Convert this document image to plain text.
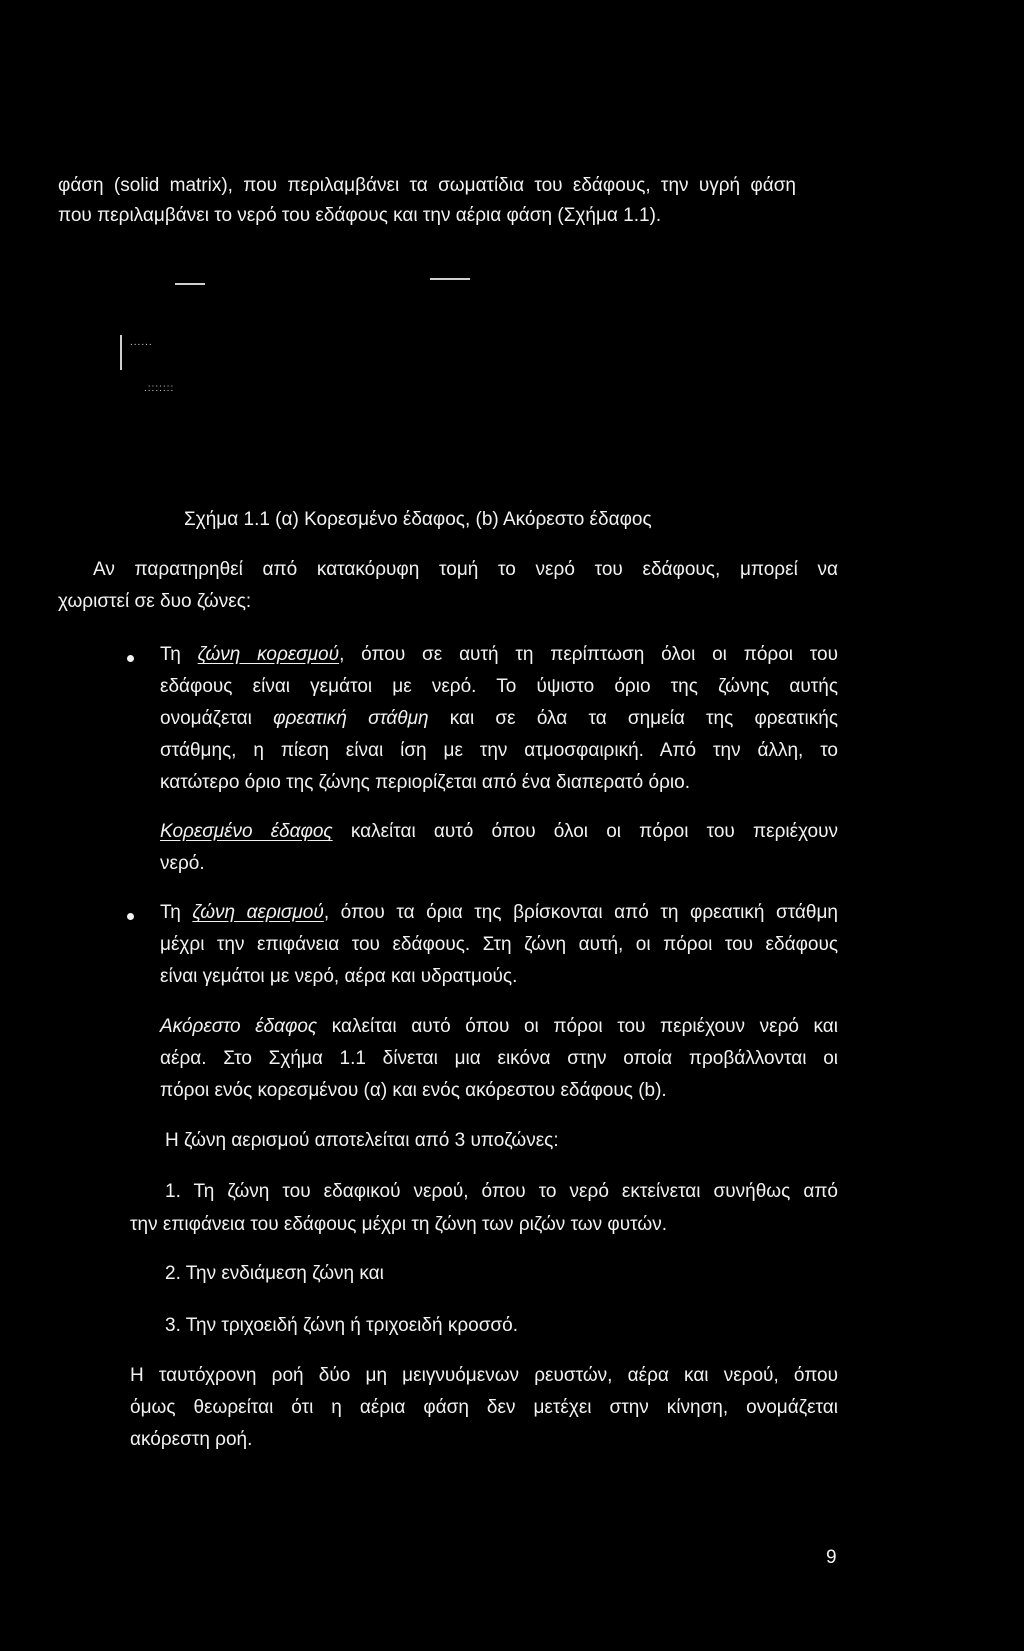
φάση (solid matrix), που περιλαμβάνει τα σωματίδια του εδάφους, την υγρή φάση
που περιλαμβάνει το νερό του εδάφους και την αέρια φάση (Σχήμα 1.1).
......
.:::::::
Σχήμα 1.1 (α) Κορεσμένο έδαφος, (b) Ακόρεστο έδαφος
Αν παρατηρηθεί από κατακόρυφη τομή το νερό του εδάφους, μπορεί να
χωριστεί σε δυο ζώνες:
Τη ζώνη κορεσμού, όπου σε αυτή τη περίπτωση όλοι οι πόροι του
εδάφους είναι γεμάτοι με νερό. Το ύψιστο όριο της ζώνης αυτής
ονομάζεται φρεατική στάθμη και σε όλα τα σημεία της φρεατικής
στάθμης, η πίεση είναι ίση με την ατμοσφαιρική. Από την άλλη, το
κατώτερο όριο της ζώνης περιορίζεται από ένα διαπερατό όριο.
Κορεσμένο έδαφος καλείται αυτό όπου όλοι οι πόροι του περιέχουν
νερό.
Τη ζώνη αερισμού, όπου τα όρια της βρίσκονται από τη φρεατική στάθμη
μέχρι την επιφάνεια του εδάφους. Στη ζώνη αυτή, οι πόροι του εδάφους
είναι γεμάτοι με νερό, αέρα και υδρατμούς.
Ακόρεστο έδαφος καλείται αυτό όπου οι πόροι του περιέχουν νερό και
αέρα. Στο Σχήμα 1.1 δίνεται μια εικόνα στην οποία προβάλλονται οι
πόροι ενός κορεσμένου (α) και ενός ακόρεστου εδάφους (b).
Η ζώνη αερισμού αποτελείται από 3 υποζώνες:
1. Τη ζώνη του εδαφικού νερού, όπου το νερό εκτείνεται συνήθως από
την επιφάνεια του εδάφους μέχρι τη ζώνη των ριζών των φυτών.
2. Την ενδιάμεση ζώνη και
3. Την τριχοειδή ζώνη ή τριχοειδή κροσσό.
Η ταυτόχρονη ροή δύο μη μειγνυόμενων ρευστών, αέρα και νερού, όπου
όμως θεωρείται ότι η αέρια φάση δεν μετέχει στην κίνηση, ονομάζεται
ακόρεστη ροή.
9
